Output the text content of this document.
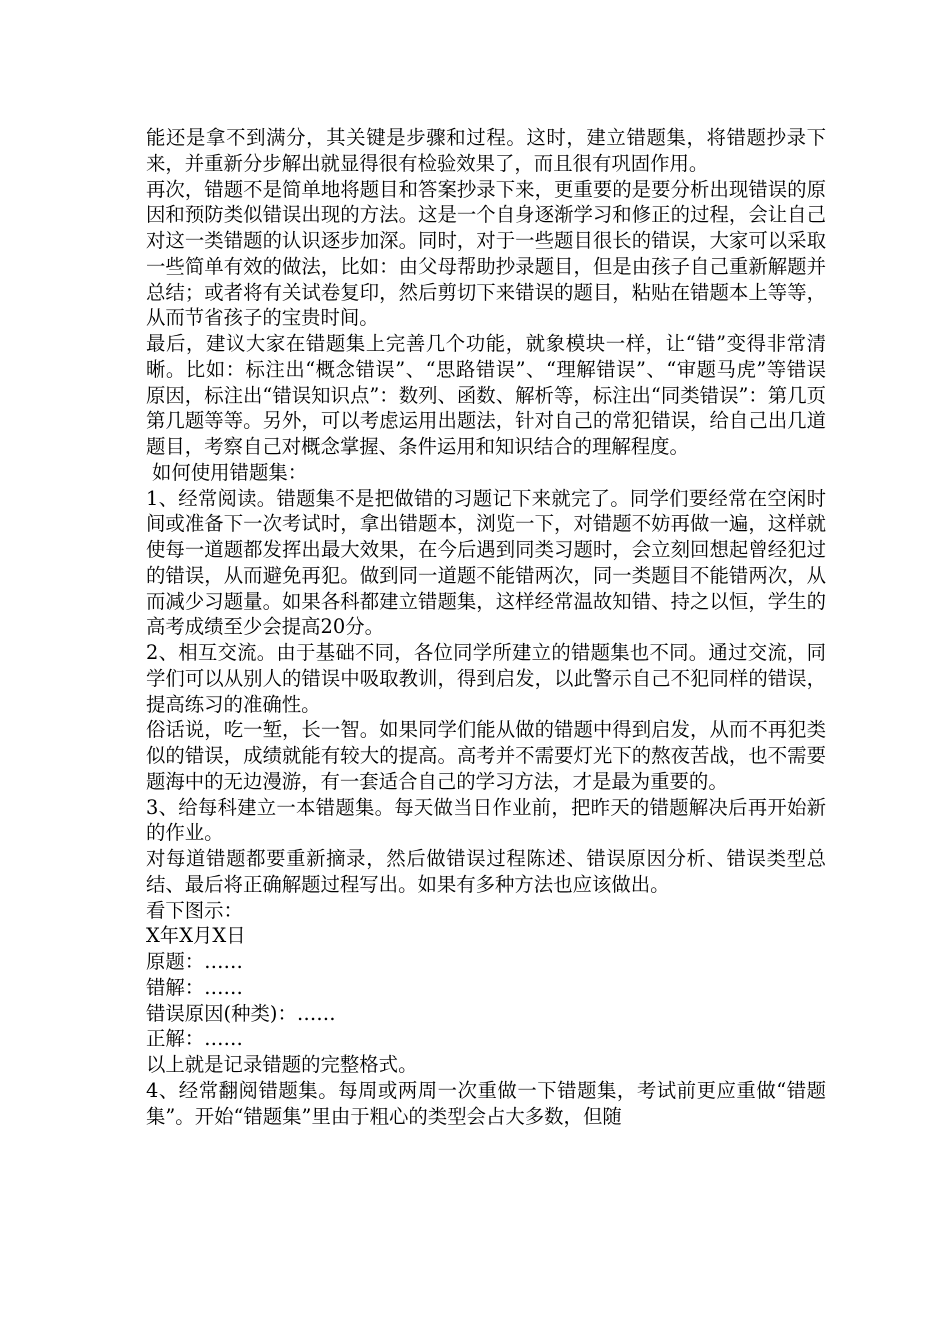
能还是拿不到满分，其关键是步骤和过程。这时，建立错题集，将错题抄录下来，并重新分步解出就显得很有检验效果了，而且很有巩固作用。

再次，错题不是简单地将题目和答案抄录下来，更重要的是要分析出现错误的原因和预防类似错误出现的方法。这是一个自身逐渐学习和修正的过程，会让自己对这一类错题的认识逐步加深。同时，对于一些题目很长的错误，大家可以采取一些简单有效的做法，比如：由父母帮助抄录题目，但是由孩子自己重新解题并总结；或者将有关试卷复印，然后剪切下来错误的题目，粘贴在错题本上等等，从而节省孩子的宝贵时间。

最后，建议大家在错题集上完善几个功能，就象模块一样，让“错”变得非常清晰。比如：标注出“概念错误”、“思路错误”、“理解错误”、“审题马虎”等错误原因，标注出“错误知识点”：数列、函数、解析等，标注出“同类错误”：第几页第几题等等。另外，可以考虑运用出题法，针对自己的常犯错误，给自己出几道题目，考察自己对概念掌握、条件运用和知识结合的理解程度。

如何使用错题集：

1、经常阅读。错题集不是把做错的习题记下来就完了。同学们要经常在空闲时间或准备下一次考试时，拿出错题本，浏览一下，对错题不妨再做一遍，这样就使每一道题都发挥出最大效果，在今后遇到同类习题时，会立刻回想起曾经犯过的错误，从而避免再犯。做到同一道题不能错两次，同一类题目不能错两次，从而减少习题量。如果各科都建立错题集，这样经常温故知错、持之以恒，学生的高考成绩至少会提高20分。

2、相互交流。由于基础不同，各位同学所建立的错题集也不同。通过交流，同学们可以从别人的错误中吸取教训，得到启发，以此警示自己不犯同样的错误，提高练习的准确性。

俗话说，吃一堑，长一智。如果同学们能从做的错题中得到启发，从而不再犯类似的错误，成绩就能有较大的提高。高考并不需要灯光下的熬夜苦战，也不需要题海中的无边漫游，有一套适合自己的学习方法，才是最为重要的。

3、给每科建立一本错题集。每天做当日作业前，把昨天的错题解决后再开始新的作业。

对每道错题都要重新摘录，然后做错误过程陈述、错误原因分析、错误类型总结、最后将正确解题过程写出。如果有多种方法也应该做出。

看下图示：

X年X月X日

原题：……

错解：……

错误原因(种类)：……

正解：……

以上就是记录错题的完整格式。

4、经常翻阅错题集。每周或两周一次重做一下错题集，考试前更应重做“错题集”。开始“错题集”里由于粗心的类型会占大多数，但随
